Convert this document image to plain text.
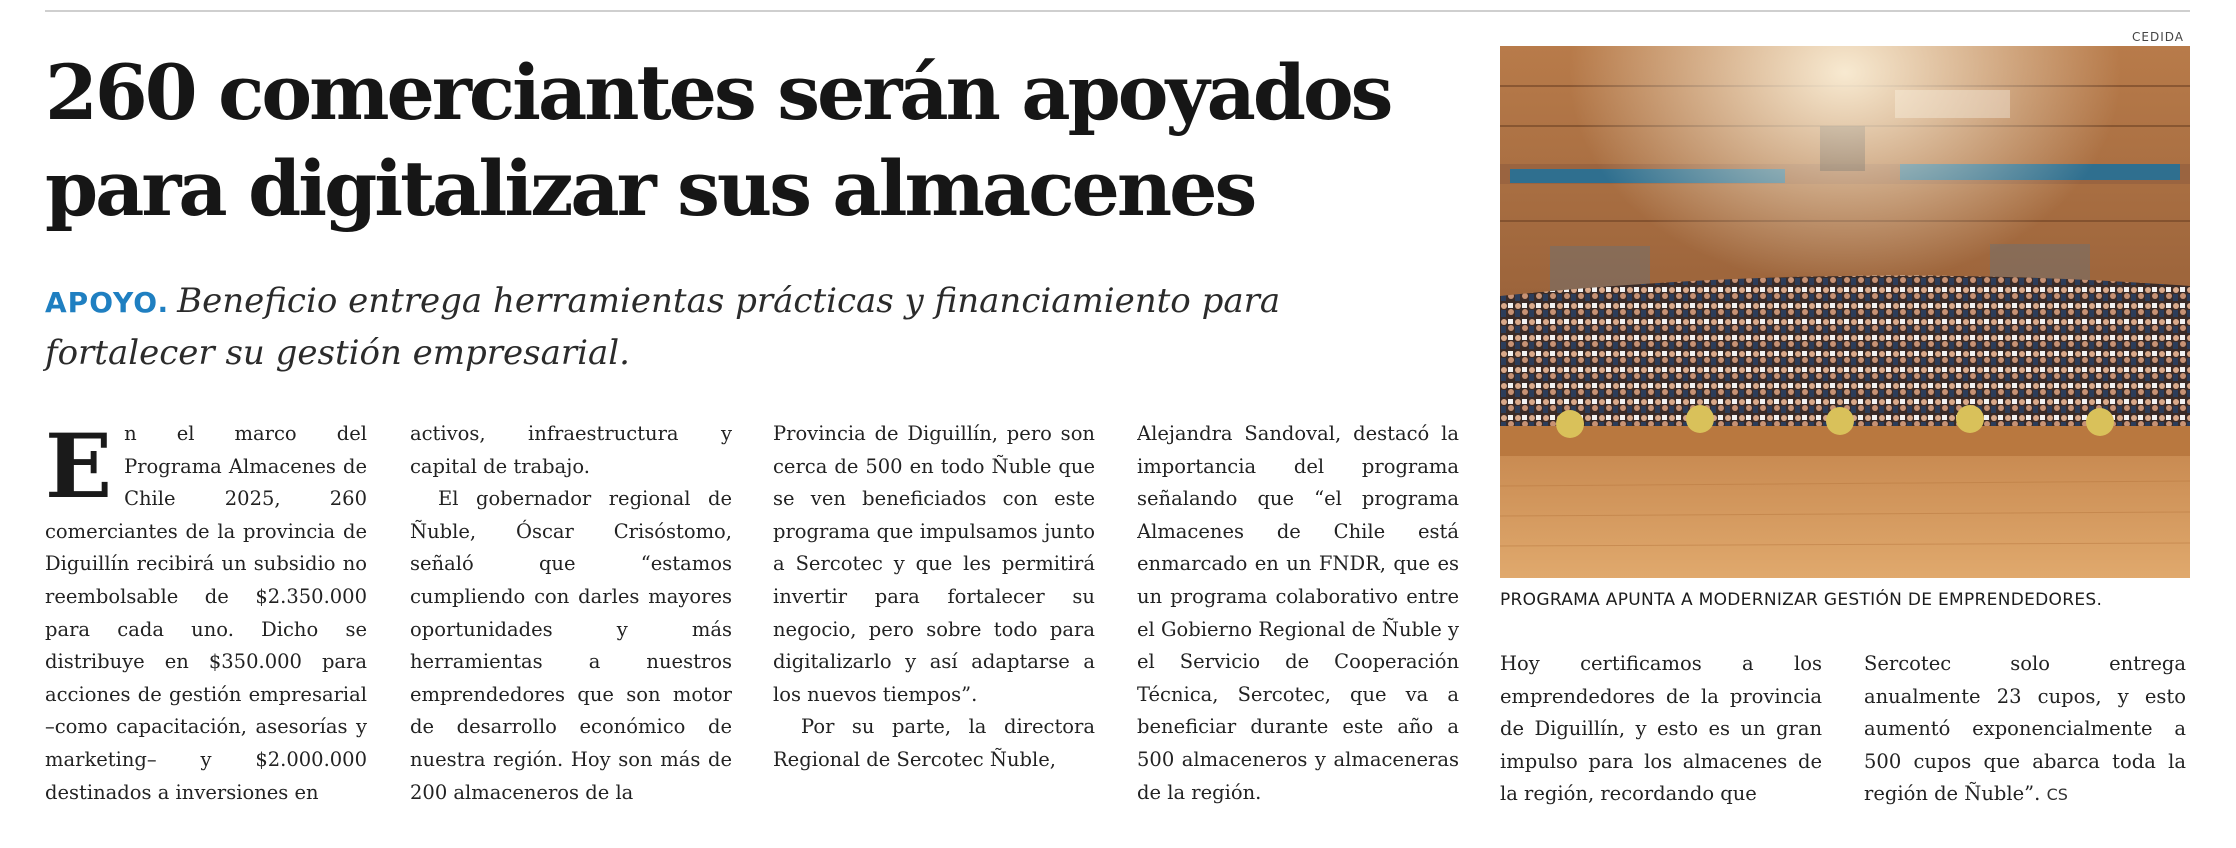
260 comerciantes serán apoyados
para digitalizar sus almacenes
APOYO. Beneficio entrega herramientas prácticas y financiamiento para fortalecer su gestión empresarial.

E n el marco del Programa Almacenes de Chile 2025, 260 comerciantes de la provincia de Diguillín recibirá un subsidio no reembolsable de $2.350.000 para cada uno. Dicho se distribuye en $350.000 para acciones de gestión empresarial –como capacitación, asesorías y marketing– y $2.000.000 destinados a inversiones en

activos, infraestructura y capital de trabajo.

El gobernador regional de Ñuble, Óscar Crisóstomo, señaló que “estamos cumpliendo con darles mayores oportunidades y más herramientas a nuestros emprendedores que son motor de desarrollo económico de nuestra región. Hoy son más de 200 almaceneros de la

Provincia de Diguillín, pero son cerca de 500 en todo Ñuble que se ven beneficiados con este programa que impulsamos junto a Sercotec y que les permitirá invertir para fortalecer su negocio, pero sobre todo para digitalizarlo y así adaptarse a los nuevos tiempos”.

Por su parte, la directora Regional de Sercotec Ñuble,

Alejandra Sandoval, destacó la importancia del programa señalando que “el programa Almacenes de Chile está enmarcado en un FNDR, que es un programa colaborativo entre el Gobierno Regional de Ñuble y el Servicio de Cooperación Técnica, Sercotec, que va a beneficiar durante este año a 500 almaceneros y almaceneras de la región.

CEDIDA
PROGRAMA APUNTA A MODERNIZAR GESTIÓN DE EMPRENDEDORES.

Hoy certificamos a los emprendedores de la provincia de Diguillín, y esto es un gran impulso para los almacenes de la región, recordando que

Sercotec solo entrega anualmente 23 cupos, y esto aumentó exponencialmente a 500 cupos que abarca toda la región de Ñuble”. CS
